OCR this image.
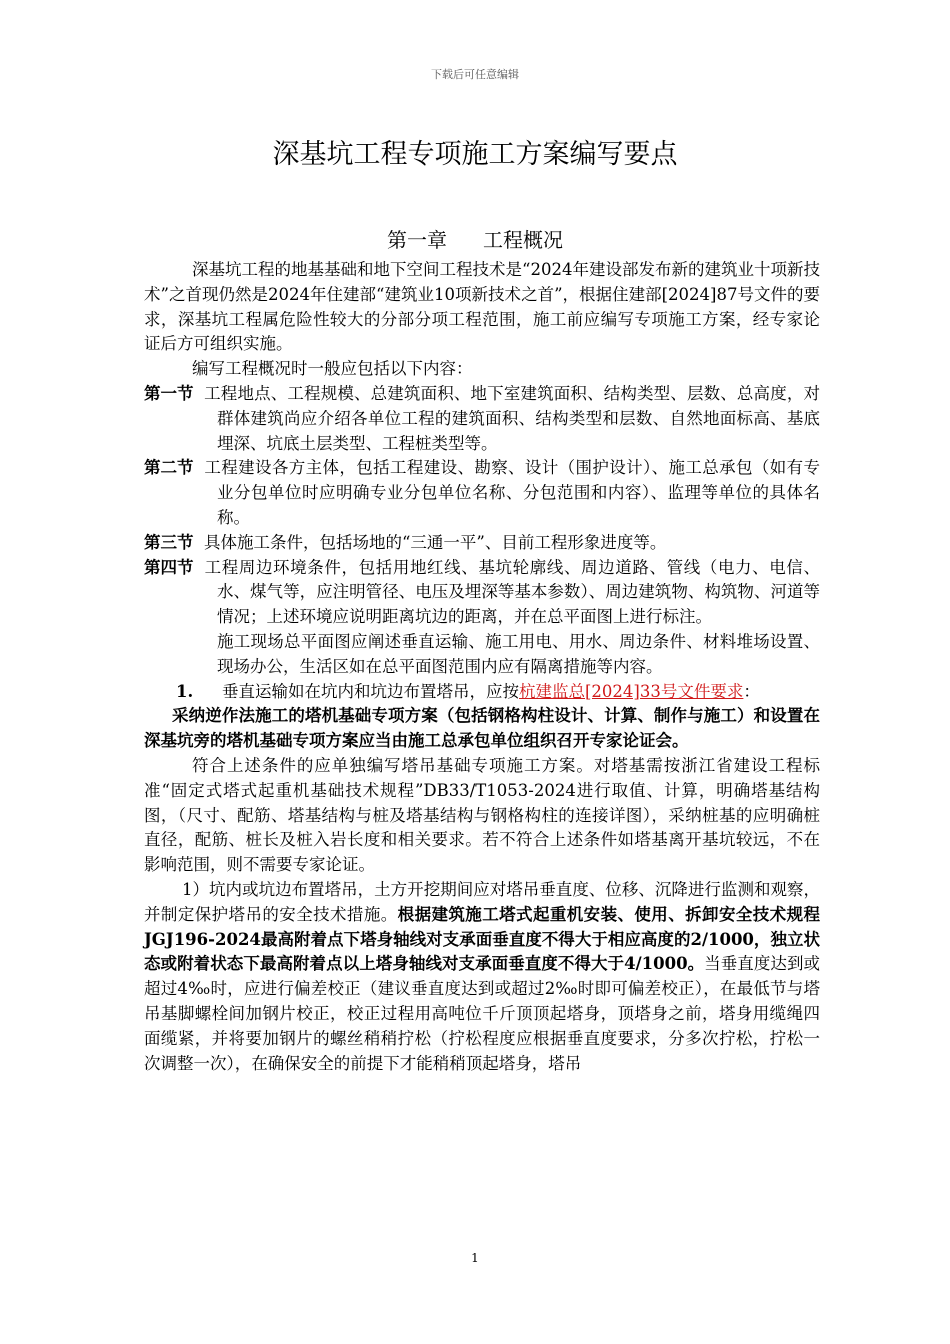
下载后可任意编辑
深基坑工程专项施工方案编写要点
第一章 工程概况

深基坑工程的地基基础和地下空间工程技术是“2024年建设部发布新的建筑业十项新技术”之首现仍然是2024年住建部“建筑业10项新技术之首”，根据住建部[2024]87号文件的要求，深基坑工程属危险性较大的分部分项工程范围，施工前应编写专项施工方案，经专家论证后方可组织实施。

编写工程概况时一般应包括以下内容：

第一节 工程地点、工程规模、总建筑面积、地下室建筑面积、结构类型、层数、总高度，对群体建筑尚应介绍各单位工程的建筑面积、结构类型和层数、自然地面标高、基底埋深、坑底土层类型、工程桩类型等。

第二节 工程建设各方主体，包括工程建设、勘察、设计（围护设计）、施工总承包（如有专业分包单位时应明确专业分包单位名称、分包范围和内容）、监理等单位的具体名称。

第三节 具体施工条件，包括场地的“三通一平”、目前工程形象进度等。

第四节 工程周边环境条件，包括用地红线、基坑轮廓线、周边道路、管线（电力、电信、水、煤气等，应注明管径、电压及埋深等基本参数）、周边建筑物、构筑物、河道等情况；上述环境应说明距离坑边的距离，并在总平面图上进行标注。

施工现场总平面图应阐述垂直运输、施工用电、用水、周边条件、材料堆场设置、现场办公，生活区如在总平面图范围内应有隔离措施等内容。

1. 垂直运输如在坑内和坑边布置塔吊，应按杭建监总[2024]33号文件要求：

采纳逆作法施工的塔机基础专项方案（包括钢格构柱设计、计算、制作与施工）和设置在深基坑旁的塔机基础专项方案应当由施工总承包单位组织召开专家论证会。

符合上述条件的应单独编写塔吊基础专项施工方案。对塔基需按浙江省建设工程标准“固定式塔式起重机基础技术规程”DB33/T1053-2024进行取值、计算，明确塔基结构图，（尺寸、配筋、塔基结构与桩及塔基结构与钢格构柱的连接详图），采纳桩基的应明确桩直径，配筋、桩长及桩入岩长度和相关要求。若不符合上述条件如塔基离开基坑较远，不在影响范围，则不需要专家论证。

1）坑内或坑边布置塔吊，土方开挖期间应对塔吊垂直度、位移、沉降进行监测和观察，并制定保护塔吊的安全技术措施。根据建筑施工塔式起重机安装、使用、拆卸安全技术规程JGJ196-2024最高附着点下塔身轴线对支承面垂直度不得大于相应高度的2/1000，独立状态或附着状态下最高附着点以上塔身轴线对支承面垂直度不得大于4/1000。当垂直度达到或超过4‰时，应进行偏差校正（建议垂直度达到或超过2‰时即可偏差校正），在最低节与塔吊基脚螺栓间加钢片校正，校正过程用高吨位千斤顶顶起塔身，顶塔身之前，塔身用缆绳四面缆紧，并将要加钢片的螺丝稍稍拧松（拧松程度应根据垂直度要求，分多次拧松，拧松一次调整一次），在确保安全的前提下才能稍稍顶起塔身，塔吊

1
